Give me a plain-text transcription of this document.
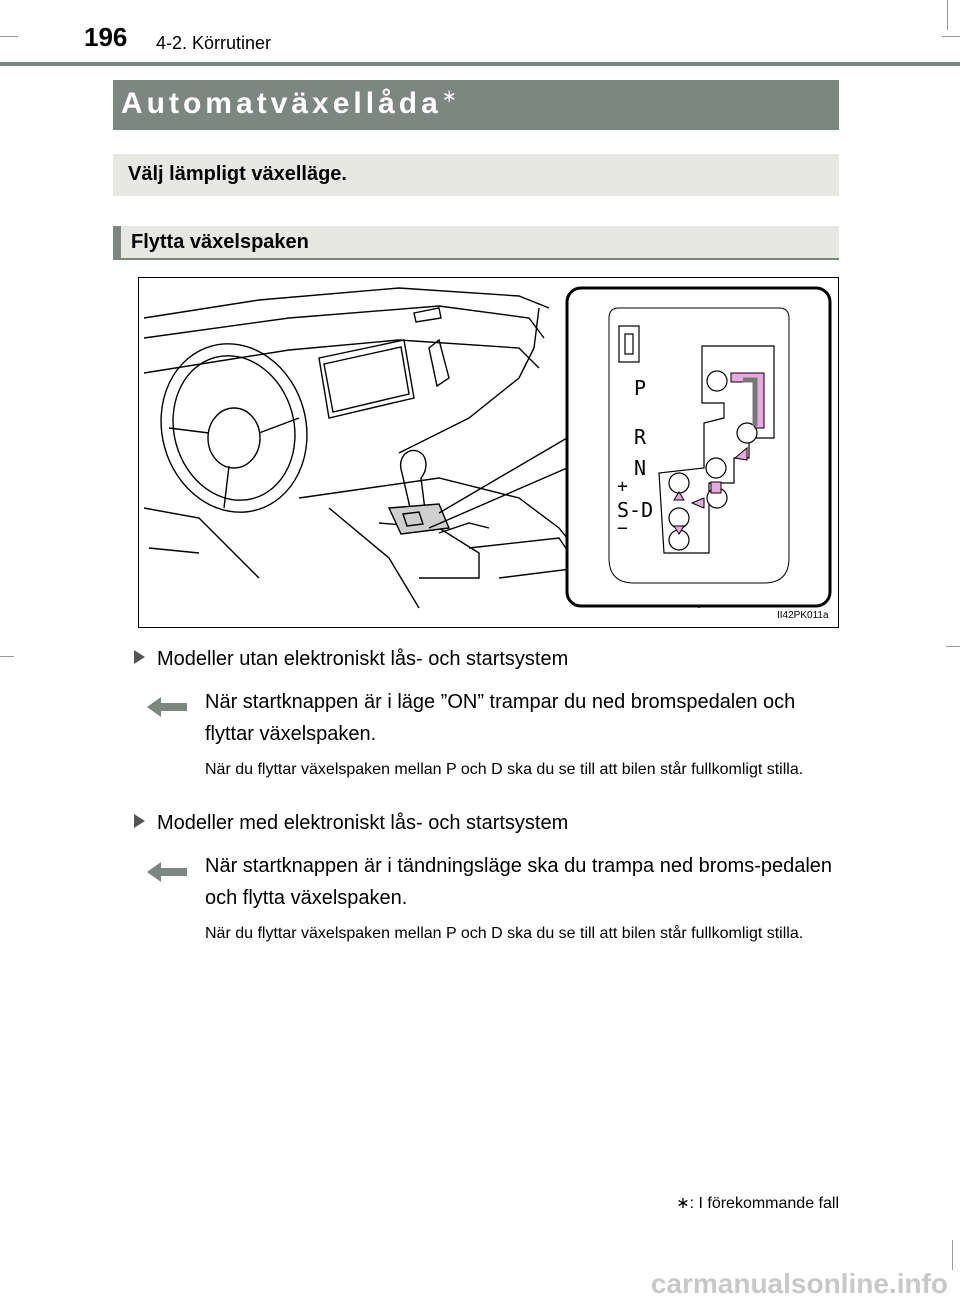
196 4-2. Körrutiner
Automatväxellåda∗
Välj lämpligt växelläge.
Flytta växelspaken
P
R
N
+
S-D
−
II42PK011a
Modeller utan elektroniskt lås- och startsystem
När startknappen är i läge ”ON” trampar du ned bromspedalen och flyttar växelspaken.
När du flyttar växelspaken mellan P och D ska du se till att bilen står fullkomligt stilla.
Modeller med elektroniskt lås- och startsystem
När startknappen är i tändningsläge ska du trampa ned broms-pedalen och flytta växelspaken.
När du flyttar växelspaken mellan P och D ska du se till att bilen står fullkomligt stilla.
∗: I förekommande fall
carmanualsonline.info
